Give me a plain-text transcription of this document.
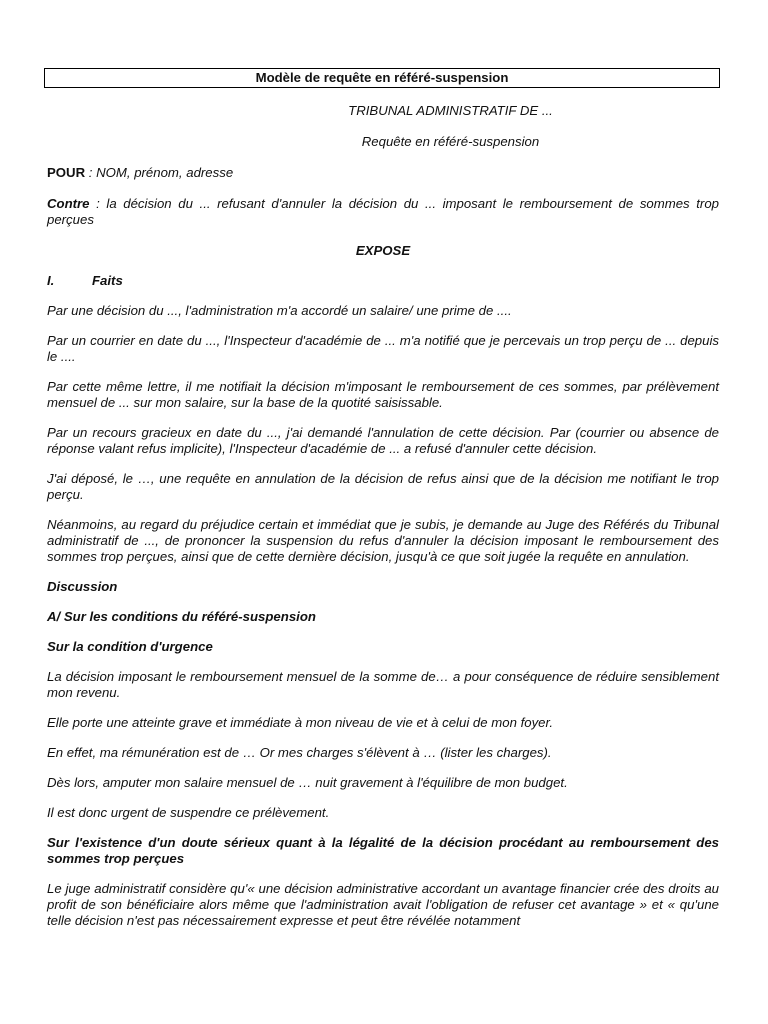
Modèle de requête en référé-suspension
TRIBUNAL ADMINISTRATIF DE ...
Requête en référé-suspension

POUR : NOM, prénom, adresse

Contre : la décision du ... refusant d'annuler la décision du ... imposant le remboursement de sommes trop perçues

EXPOSE
I.	Faits

Par une décision du ..., l'administration m'a accordé un salaire/ une prime de ....

Par un courrier en date du ..., l'Inspecteur d'académie de ... m'a notifié que je percevais un trop perçu de ... depuis le ....

Par cette même lettre, il me notifiait la décision m'imposant le remboursement de ces sommes, par prélèvement mensuel de ... sur mon salaire, sur la base de la quotité saisissable.

Par un recours gracieux en date du ..., j'ai demandé l'annulation de cette décision. Par (courrier ou absence de réponse valant refus implicite), l'Inspecteur d'académie de ... a refusé d'annuler cette décision.

J'ai déposé, le …, une requête en annulation de la décision de refus ainsi que de la décision me notifiant le trop perçu.

Néanmoins, au regard du préjudice certain et immédiat que je subis, je demande au Juge des Référés du Tribunal administratif de ..., de prononcer la suspension du refus d'annuler la décision imposant le remboursement des sommes trop perçues, ainsi que de cette dernière décision, jusqu'à ce que soit jugée la requête en annulation.

Discussion

A/ Sur les conditions du référé-suspension

Sur la condition d'urgence

La décision imposant le remboursement mensuel de la somme de… a pour conséquence de réduire sensiblement mon revenu.

Elle porte une atteinte grave et immédiate à mon niveau de vie et à celui de mon foyer.

En effet, ma rémunération est de … Or mes charges s'élèvent à … (lister les charges).

Dès lors, amputer mon salaire mensuel de … nuit gravement à l'équilibre de mon budget.

Il est donc urgent de suspendre ce prélèvement.

Sur l'existence d'un doute sérieux quant à la légalité de la décision procédant au remboursement des sommes trop perçues

Le juge administratif considère qu'« une décision administrative accordant un avantage financier crée des droits au profit de son bénéficiaire alors même que l'administration avait l'obligation de refuser cet avantage » et « qu'une telle décision n'est pas nécessairement expresse et peut être révélée notamment
